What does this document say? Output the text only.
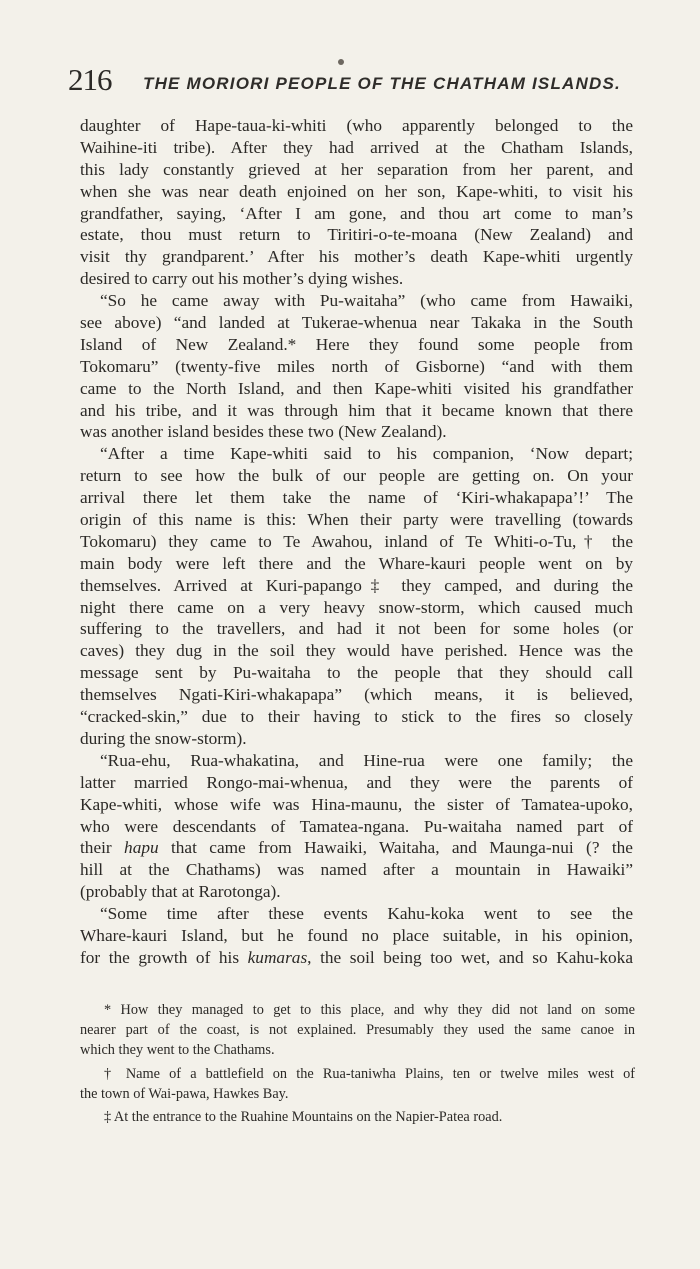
216 THE MORIORI PEOPLE OF THE CHATHAM ISLANDS.
daughter of Hape-taua-ki-whiti (who apparently belonged to the
Waihine-iti tribe). After they had arrived at the Chatham Islands,
this lady constantly grieved at her separation from her parent, and
when she was near death enjoined on her son, Kape-whiti, to visit his
grandfather, saying, ‘After I am gone, and thou art come to man’s
estate, thou must return to Tiritiri-o-te-moana (New Zealand) and
visit thy grandparent.’ After his mother’s death Kape-whiti urgently
desired to carry out his mother’s dying wishes.
“So he came away with Pu-waitaha” (who came from Hawaiki,
see above) “and landed at Tukerae-whenua near Takaka in the South
Island of New Zealand.* Here they found some people from
Tokomaru” (twenty-five miles north of Gisborne) “and with them
came to the North Island, and then Kape-whiti visited his grandfather
and his tribe, and it was through him that it became known that there
was another island besides these two (New Zealand).
“After a time Kape-whiti said to his companion, ‘Now depart;
return to see how the bulk of our people are getting on. On your
arrival there let them take the name of ‘Kiri-whakapapa’!’ The
origin of this name is this: When their party were travelling (towards
Tokomaru) they came to Te Awahou, inland of Te Whiti-o-Tu,† the
main body were left there and the Whare-kauri people went on by
themselves. Arrived at Kuri-papango‡ they camped, and during the
night there came on a very heavy snow-storm, which caused much
suffering to the travellers, and had it not been for some holes (or
caves) they dug in the soil they would have perished. Hence was the
message sent by Pu-waitaha to the people that they should call
themselves Ngati-Kiri-whakapapa” (which means, it is believed,
“cracked-skin,” due to their having to stick to the fires so closely
during the snow-storm).
“Rua-ehu, Rua-whakatina, and Hine-rua were one family; the
latter married Rongo-mai-whenua, and they were the parents of
Kape-whiti, whose wife was Hina-maunu, the sister of Tamatea-upoko,
who were descendants of Tamatea-ngana. Pu-waitaha named part of
their hapu that came from Hawaiki, Waitaha, and Maunga-nui (? the
hill at the Chathams) was named after a mountain in Hawaiki”
(probably that at Rarotonga).
“Some time after these events Kahu-koka went to see the
Whare-kauri Island, but he found no place suitable, in his opinion,
for the growth of his kumaras, the soil being too wet, and so Kahu-koka
* How they managed to get to this place, and why they did not land on some
nearer part of the coast, is not explained. Presumably they used the same canoe in
which they went to the Chathams.
† Name of a battlefield on the Rua-taniwha Plains, ten or twelve miles west of
the town of Wai-pawa, Hawkes Bay.
‡ At the entrance to the Ruahine Mountains on the Napier-Patea road.
